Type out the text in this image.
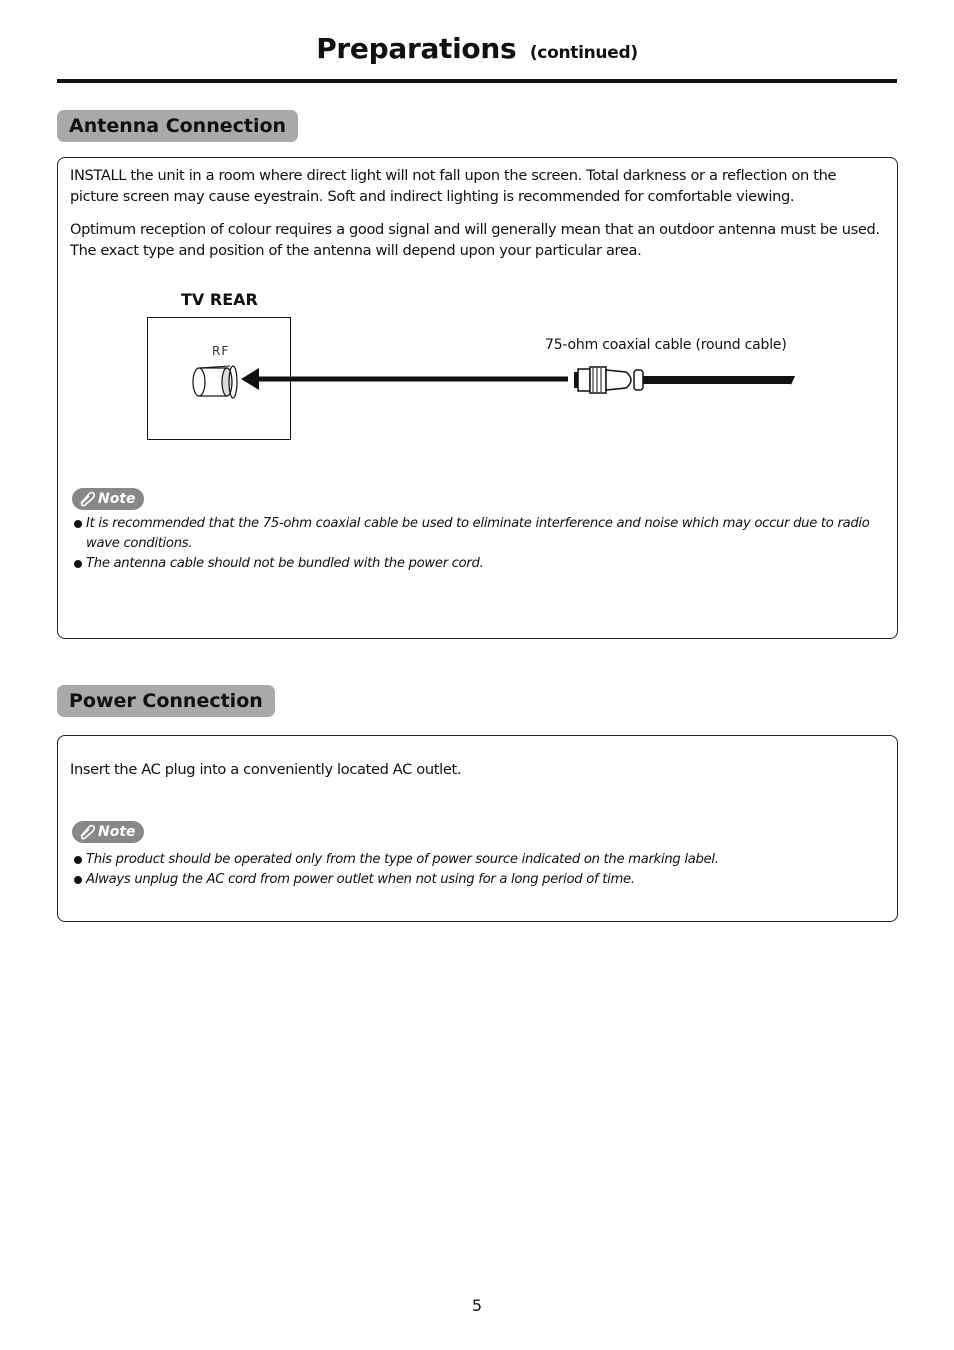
Preparations (continued)
Antenna Connection

INSTALL the unit in a room where direct light will not fall upon the screen. Total darkness or a reflection on the picture screen may cause eyestrain. Soft and indirect lighting is recommended for comfortable viewing.

Optimum reception of colour requires a good signal and will generally mean that an outdoor antenna must be used. The exact type and position of the antenna will depend upon your particular area.

TV REAR
RF	75-ohm coaxial cable (round cable)
Note
It is recommended that the 75-ohm coaxial cable be used to eliminate interference and noise which may occur due to radio wave conditions.
The antenna cable should not be bundled with the power cord.
Power Connection

Insert the AC plug into a conveniently located AC outlet.

Note
This product should be operated only from the type of power source indicated on the marking label.
Always unplug the AC cord from power outlet when not using for a long period of time.
5
